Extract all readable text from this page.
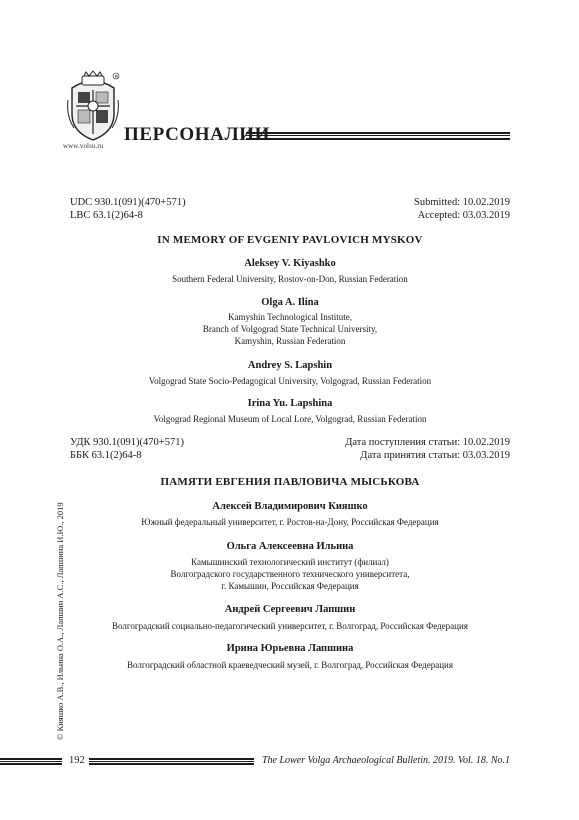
R
www.volsu.ru
ПЕРСОНАЛИИ
UDC 930.1(091)(470+571)
LBC 63.1(2)64-8
Submitted: 10.02.2019
Accepted: 03.03.2019
IN MEMORY OF EVGENIY PAVLOVICH MYSKOV
Aleksey V. Kiyashko
Southern Federal University, Rostov-on-Don, Russian Federation
Olga A. Ilina
Kamyshin Technological Institute,
Branch of Volgograd State Technical University,
Kamyshin, Russian Federation
Andrey S. Lapshin
Volgograd State Socio-Pedagogical University, Volgograd, Russian Federation
Irina Yu. Lapshina
Volgograd Regional Museum of Local Lore, Volgograd, Russian Federation
УДК 930.1(091)(470+571)
ББК 63.1(2)64-8
Дата поступления статьи: 10.02.2019
Дата принятия статьи: 03.03.2019
ПАМЯТИ ЕВГЕНИЯ ПАВЛОВИЧА МЫСЬКОВА
Алексей Владимирович Кияшко
Южный федеральный университет, г. Ростов-на-Дону, Российская Федерация
Ольга Алексеевна Ильина
Камышинский технологический институт (филиал)
Волгоградского государственного технического университета,
г. Камышин, Российская Федерация
Андрей Сергеевич Лапшин
Волгоградский социально-педагогический университет, г. Волгоград, Российская Федерация
Ирина Юрьевна Лапшина
Волгоградский областной краеведческий музей, г. Волгоград, Российская Федерация
© Кияшко А.В., Ильина О.А., Лапшин А.С., Лапшина И.Ю., 2019
192	The Lower Volga Archaeological Bulletin. 2019. Vol. 18. No.1
